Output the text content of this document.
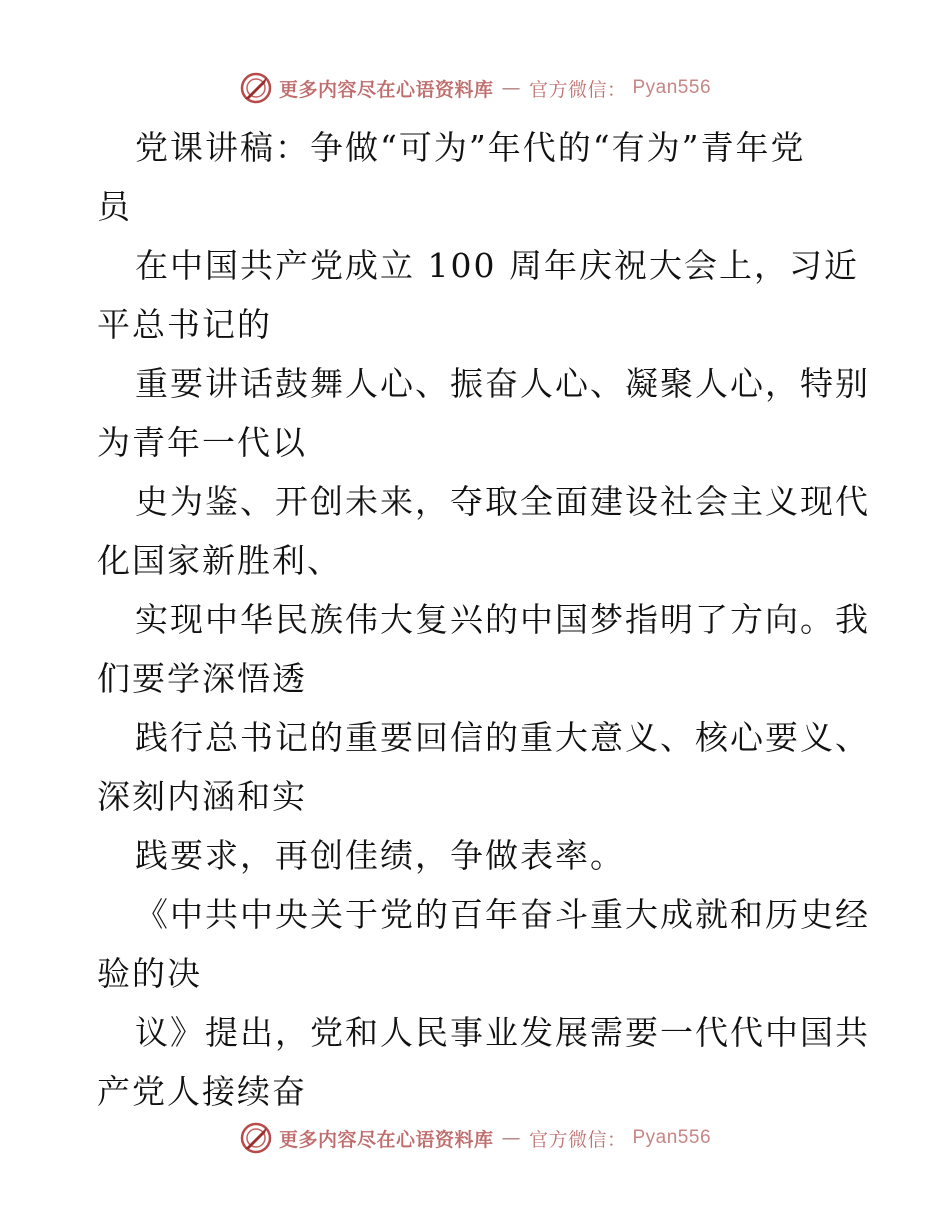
更多内容尽在心语资料库 — 官方微信： Pyan556
党课讲稿：争做“可为”年代的“有为”青年党
员
在中国共产党成立 100 周年庆祝大会上，习近
平总书记的
重要讲话鼓舞人心、振奋人心、凝聚人心，特别
为青年一代以
史为鉴、开创未来，夺取全面建设社会主义现代
化国家新胜利、
实现中华民族伟大复兴的中国梦指明了方向。我
们要学深悟透
践行总书记的重要回信的重大意义、核心要义、
深刻内涵和实
践要求，再创佳绩，争做表率。
《中共中央关于党的百年奋斗重大成就和历史经
验的决
议》提出，党和人民事业发展需要一代代中国共
产党人接续奋
更多内容尽在心语资料库 — 官方微信： Pyan556
